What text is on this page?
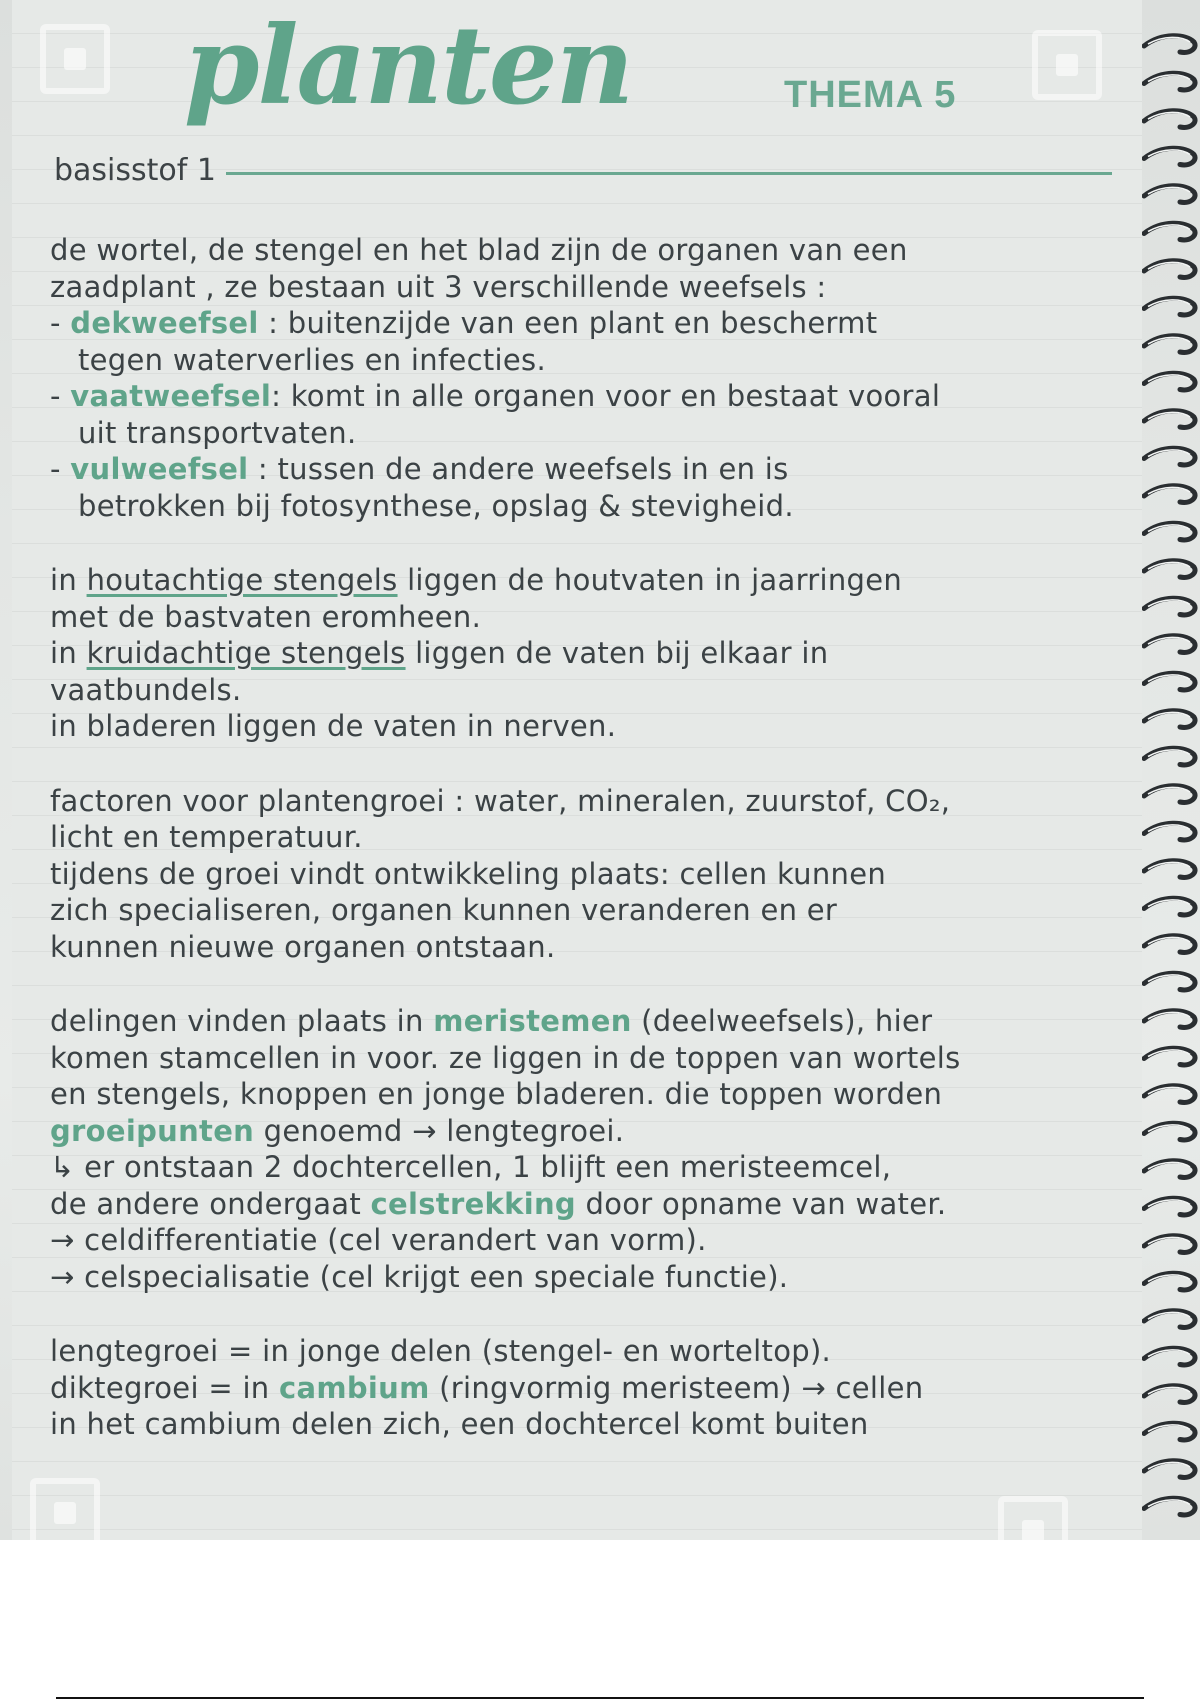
planten	THEMA 5
basisstof 1
de wortel, de stengel en het blad zijn de organen van een
zaadplant , ze bestaan uit 3 verschillende weefsels :
- dekweefsel : buitenzijde van een plant en beschermt
tegen waterverlies en infecties.
- vaatweefsel: komt in alle organen voor en bestaat vooral
uit transportvaten.
- vulweefsel : tussen de andere weefsels in en is
betrokken bij fotosynthese, opslag & stevigheid.
in houtachtige stengels liggen de houtvaten in jaarringen
met de bastvaten eromheen.
in kruidachtige stengels liggen de vaten bij elkaar in
vaatbundels.
in bladeren liggen de vaten in nerven.
factoren voor plantengroei : water, mineralen, zuurstof, CO₂,
licht en temperatuur.
tijdens de groei vindt ontwikkeling plaats: cellen kunnen
zich specialiseren, organen kunnen veranderen en er
kunnen nieuwe organen ontstaan.
delingen vinden plaats in meristemen (deelweefsels), hier
komen stamcellen in voor. ze liggen in de toppen van wortels
en stengels, knoppen en jonge bladeren. die toppen worden
groeipunten genoemd → lengtegroei.
↳ er ontstaan 2 dochtercellen, 1 blijft een meristeemcel,
de andere ondergaat celstrekking door opname van water.
→ celdifferentiatie (cel verandert van vorm).
→ celspecialisatie (cel krijgt een speciale functie).
lengtegroei = in jonge delen (stengel- en worteltop).
diktegroei = in cambium (ringvormig meristeem) → cellen
in het cambium delen zich, een dochtercel komt buiten
